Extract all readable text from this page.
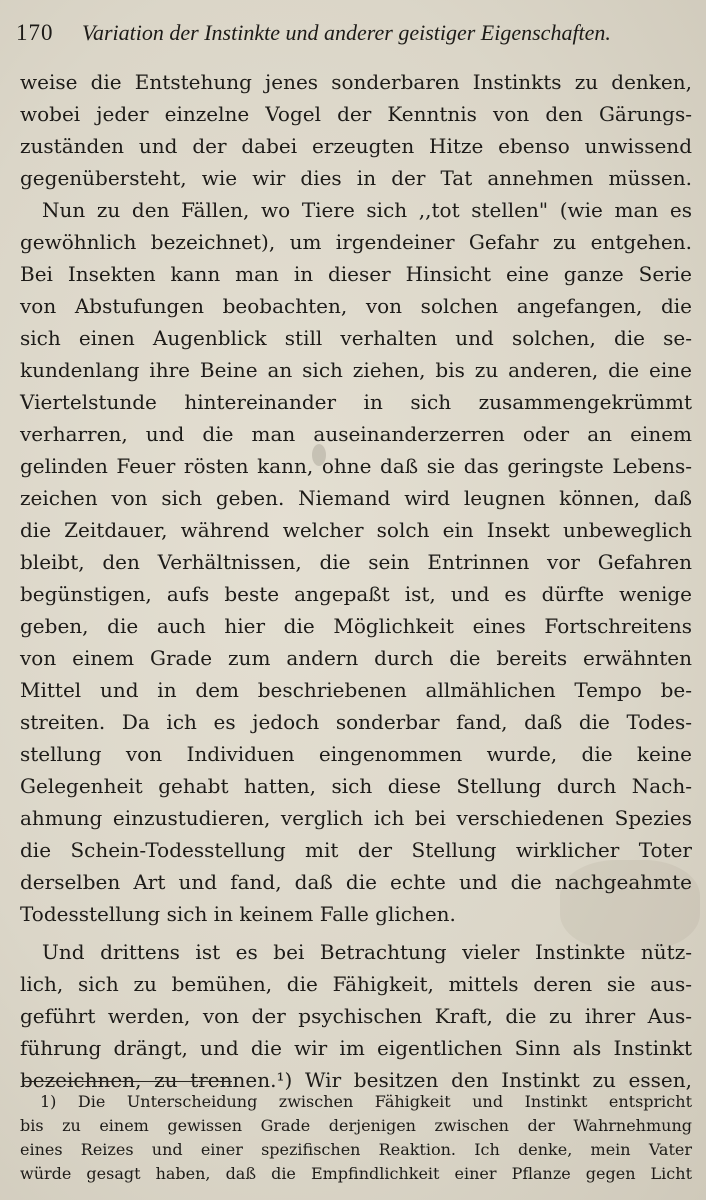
170 Variation der Instinkte und anderer geistiger Eigenschaften.
weise die Entstehung jenes sonderbaren Instinkts zu denken,
wobei jeder einzelne Vogel der Kenntnis von den Gärungs-
zuständen und der dabei erzeugten Hitze ebenso unwissend
gegenübersteht, wie wir dies in der Tat annehmen müssen.
Nun zu den Fällen, wo Tiere sich ,,tot stellen" (wie man es
gewöhnlich bezeichnet), um irgendeiner Gefahr zu entgehen.
Bei Insekten kann man in dieser Hinsicht eine ganze Serie
von Abstufungen beobachten, von solchen angefangen, die
sich einen Augenblick still verhalten und solchen, die se-
kundenlang ihre Beine an sich ziehen, bis zu anderen, die eine
Viertelstunde hintereinander in sich zusammengekrümmt
verharren, und die man auseinanderzerren oder an einem
gelinden Feuer rösten kann, ohne daß sie das geringste Lebens-
zeichen von sich geben. Niemand wird leugnen können, daß
die Zeitdauer, während welcher solch ein Insekt unbeweglich
bleibt, den Verhältnissen, die sein Entrinnen vor Gefahren
begünstigen, aufs beste angepaßt ist, und es dürfte wenige
geben, die auch hier die Möglichkeit eines Fortschreitens
von einem Grade zum andern durch die bereits erwähnten
Mittel und in dem beschriebenen allmählichen Tempo be-
streiten. Da ich es jedoch sonderbar fand, daß die Todes-
stellung von Individuen eingenommen wurde, die keine
Gelegenheit gehabt hatten, sich diese Stellung durch Nach-
ahmung einzustudieren, verglich ich bei verschiedenen Spezies
die Schein-Todesstellung mit der Stellung wirklicher Toter
derselben Art und fand, daß die echte und die nachgeahmte
Todesstellung sich in keinem Falle glichen.
Und drittens ist es bei Betrachtung vieler Instinkte nütz-
lich, sich zu bemühen, die Fähigkeit, mittels deren sie aus-
geführt werden, von der psychischen Kraft, die zu ihrer Aus-
führung drängt, und die wir im eigentlichen Sinn als Instinkt
bezeichnen, zu trennen.¹) Wir besitzen den Instinkt zu essen,
1) Die Unterscheidung zwischen Fähigkeit und Instinkt entspricht
bis zu einem gewissen Grade derjenigen zwischen der Wahrnehmung
eines Reizes und einer spezifischen Reaktion. Ich denke, mein Vater
würde gesagt haben, daß die Empfindlichkeit einer Pflanze gegen Licht
